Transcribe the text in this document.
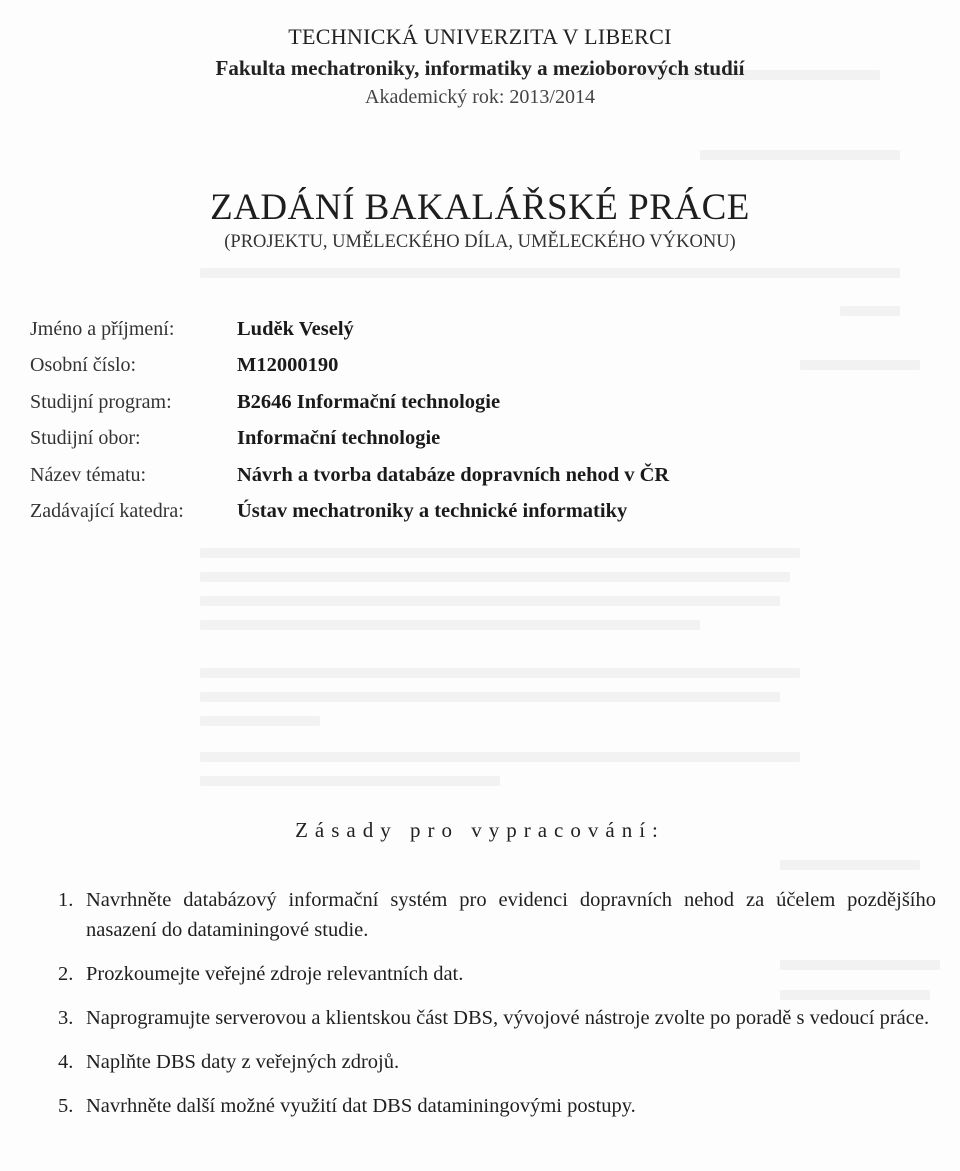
TECHNICKÁ UNIVERZITA V LIBERCI
Fakulta mechatroniky, informatiky a mezioborových studií
Akademický rok: 2013/2014
ZADÁNÍ BAKALÁŘSKÉ PRÁCE
(PROJEKTU, UMĚLECKÉHO DÍLA, UMĚLECKÉHO VÝKONU)
Jméno a příjmení:	Luděk Veselý
Osobní číslo:	M12000190
Studijní program:	B2646 Informační technologie
Studijní obor:	Informační technologie
Název tématu:	Návrh a tvorba databáze dopravních nehod v ČR
Zadávající katedra:	Ústav mechatroniky a technické informatiky
Zásady pro vypracování:
1. Navrhněte databázový informační systém pro evidenci dopravních nehod za účelem pozdějšího nasazení do dataminingové studie.
2. Prozkoumejte veřejné zdroje relevantních dat.
3. Naprogramujte serverovou a klientskou část DBS, vývojové nástroje zvolte po poradě s vedoucí práce.
4. Naplňte DBS daty z veřejných zdrojů.
5. Navrhněte další možné využití dat DBS dataminingovými postupy.
